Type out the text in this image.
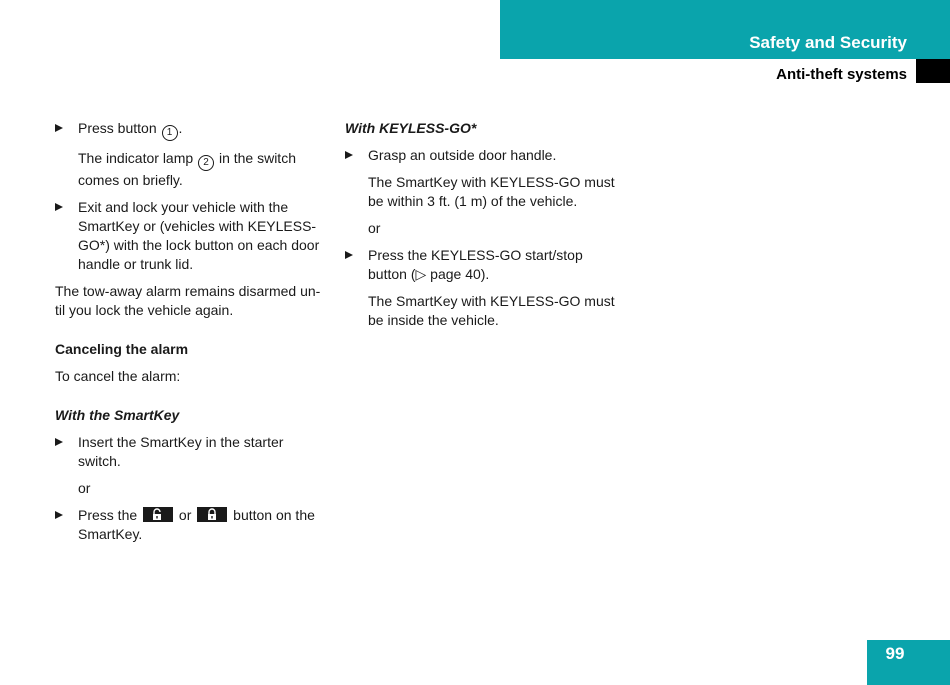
Safety and Security
Anti-theft systems
Press button 1 .
The indicator lamp 2 in the switch comes on briefly.
Exit and lock your vehicle with the SmartKey or (vehicles with KEYLESS-GO*) with the lock button on each door handle or trunk lid.
The tow-away alarm remains disarmed un-til you lock the vehicle again.
Canceling the alarm
To cancel the alarm:
With the SmartKey
Insert the SmartKey in the starter switch.
or
Press the
or
button on the SmartKey.
With KEYLESS-GO*
Grasp an outside door handle.
The SmartKey with KEYLESS-GO must be within 3 ft. (1 m) of the vehicle.
or
Press the KEYLESS-GO start/stop button (▷ page 40).
The SmartKey with KEYLESS-GO must be inside the vehicle.
99
